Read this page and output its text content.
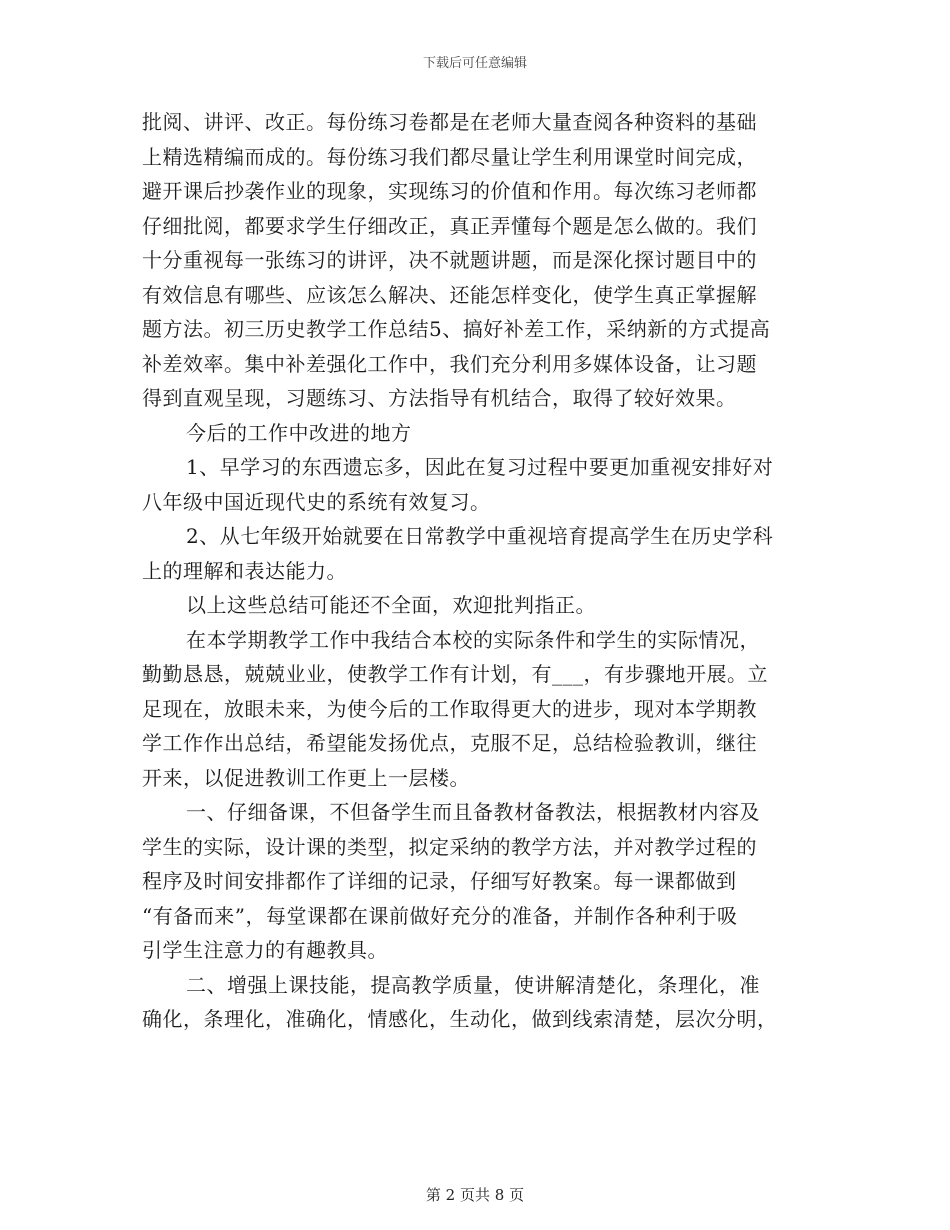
下载后可任意编辑
批阅、讲评、改正。每份练习卷都是在老师大量查阅各种资料的基础
上精选精编而成的。每份练习我们都尽量让学生利用课堂时间完成，
避开课后抄袭作业的现象，实现练习的价值和作用。每次练习老师都
仔细批阅，都要求学生仔细改正，真正弄懂每个题是怎么做的。我们
十分重视每一张练习的讲评，决不就题讲题，而是深化探讨题目中的
有效信息有哪些、应该怎么解决、还能怎样变化，使学生真正掌握解
题方法。初三历史教学工作总结5、搞好补差工作，采纳新的方式提高
补差效率。集中补差强化工作中，我们充分利用多媒体设备，让习题
得到直观呈现，习题练习、方法指导有机结合，取得了较好效果。
今后的工作中改进的地方
1、早学习的东西遗忘多，因此在复习过程中要更加重视安排好对
八年级中国近现代史的系统有效复习。
2、从七年级开始就要在日常教学中重视培育提高学生在历史学科
上的理解和表达能力。
以上这些总结可能还不全面，欢迎批判指正。
在本学期教学工作中我结合本校的实际条件和学生的实际情况，
勤勤恳恳，兢兢业业，使教学工作有计划，有___，有步骤地开展。立
足现在，放眼未来，为使今后的工作取得更大的进步，现对本学期教
学工作作出总结，希望能发扬优点，克服不足，总结检验教训，继往
开来，以促进教训工作更上一层楼。
一、仔细备课，不但备学生而且备教材备教法，根据教材内容及
学生的实际，设计课的类型，拟定采纳的教学方法，并对教学过程的
程序及时间安排都作了详细的记录，仔细写好教案。每一课都做到
“有备而来”，每堂课都在课前做好充分的准备，并制作各种利于吸
引学生注意力的有趣教具。
二、增强上课技能，提高教学质量，使讲解清楚化，条理化，准
确化，条理化，准确化，情感化，生动化，做到线索清楚，层次分明，
第 2 页共 8 页
